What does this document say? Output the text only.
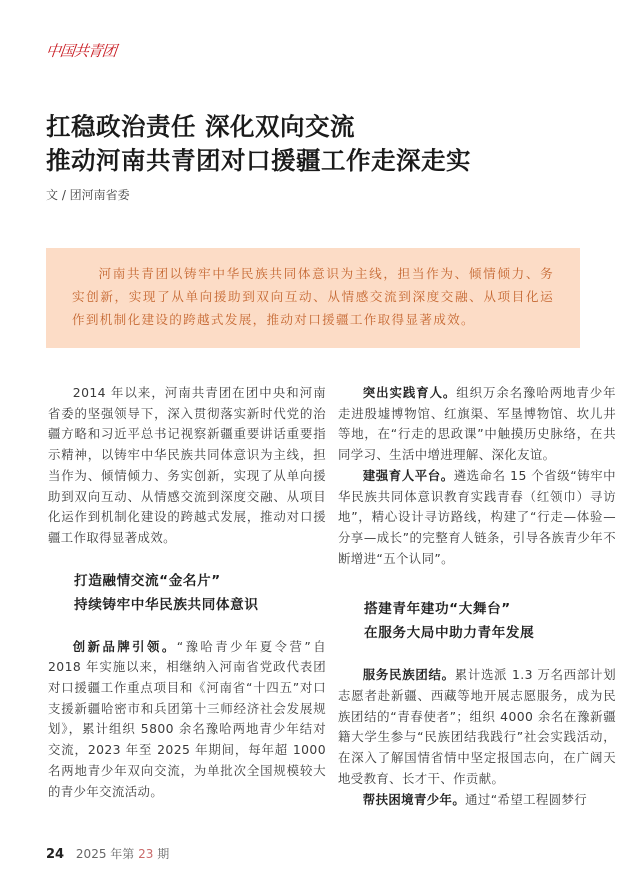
中国共青团
扛稳政治责任 深化双向交流
推动河南共青团对口援疆工作走深走实
文 / 团河南省委

河南共青团以铸牢中华民族共同体意识为主线，担当作为、倾情倾力、务实创新，实现了从单向援助到双向互动、从情感交流到深度交融、从项目化运作到机制化建设的跨越式发展，推动对口援疆工作取得显著成效。

2014 年以来，河南共青团在团中央和河南省委的坚强领导下，深入贯彻落实新时代党的治疆方略和习近平总书记视察新疆重要讲话重要指示精神，以铸牢中华民族共同体意识为主线，担当作为、倾情倾力、务实创新，实现了从单向援助到双向互动、从情感交流到深度交融、从项目化运作到机制化建设的跨越式发展，推动对口援疆工作取得显著成效。

打造融情交流“金名片”
持续铸牢中华民族共同体意识

创新品牌引领。“豫哈青少年夏令营”自 2018 年实施以来，相继纳入河南省党政代表团对口援疆工作重点项目和《河南省“十四五”对口支援新疆哈密市和兵团第十三师经济社会发展规划》，累计组织 5800 余名豫哈两地青少年结对交流，2023 年至 2025 年期间，每年超 1000 名两地青少年双向交流，为单批次全国规模较大的青少年交流活动。

突出实践育人。组织万余名豫哈两地青少年走进殷墟博物馆、红旗渠、军垦博物馆、坎儿井等地，在“行走的思政课”中触摸历史脉络，在共同学习、生活中增进理解、深化友谊。

建强育人平台。遴选命名 15 个省级“铸牢中华民族共同体意识教育实践青春（红领巾）寻访地”，精心设计寻访路线，构建了“行走—体验—分享—成长”的完整育人链条，引导各族青少年不断增进“五个认同”。

搭建青年建功“大舞台”
在服务大局中助力青年发展

服务民族团结。累计选派 1.3 万名西部计划志愿者赴新疆、西藏等地开展志愿服务，成为民族团结的“青春使者”；组织 4000 余名在豫新疆籍大学生参与“民族团结我践行”社会实践活动，在深入了解国情省情中坚定报国志向，在广阔天地受教育、长才干、作贡献。

帮扶困境青少年。通过“希望工程圆梦行

24 2025 年第 23 期
